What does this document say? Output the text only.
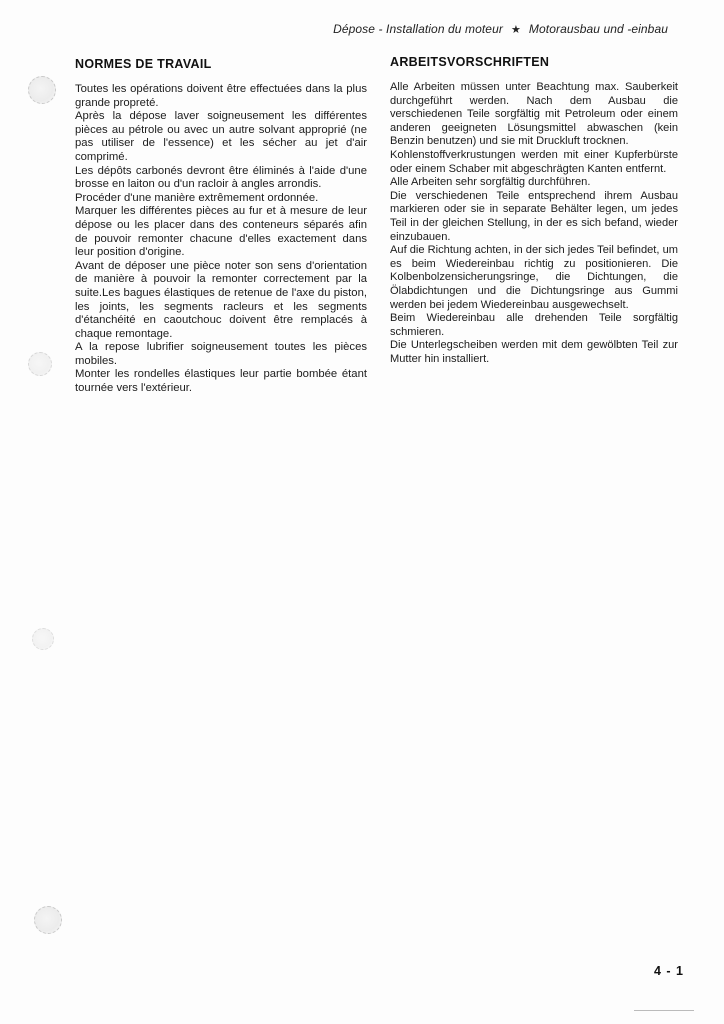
Dépose - Installation du moteur ★ Motorausbau und -einbau
NORMES DE TRAVAIL

Toutes les opérations doivent être effectuées dans la plus grande propreté.

Après la dépose laver soigneusement les différentes pièces au pétrole ou avec un autre solvant approprié (ne pas utiliser de l'essence) et les sécher au jet d'air comprimé.

Les dépôts carbonés devront être éliminés à l'aide d'une brosse en laiton ou d'un racloir à angles arrondis.

Procéder d'une manière extrêmement ordonnée.

Marquer les différentes pièces au fur et à mesure de leur dépose ou les placer dans des conteneurs séparés afin de pouvoir remonter chacune d'elles exactement dans leur position d'origine.

Avant de déposer une pièce noter son sens d'orientation de manière à pouvoir la remonter correctement par la suite.Les bagues élastiques de retenue de l'axe du piston, les joints, les segments racleurs et les segments d'étanchéité en caoutchouc doivent être remplacés à chaque remontage.

A la repose lubrifier soigneusement toutes les pièces mobiles.

Monter les rondelles élastiques leur partie bombée étant tournée vers l'extérieur.

ARBEITSVORSCHRIFTEN

Alle Arbeiten müssen unter Beachtung max. Sauberkeit durchgeführt werden. Nach dem Ausbau die verschiedenen Teile sorgfältig mit Petroleum oder einem anderen geeigneten Lösungsmittel abwaschen (kein Benzin benutzen) und sie mit Druckluft trocknen.

Kohlenstoffverkrustungen werden mit einer Kupferbürste oder einem Schaber mit abgeschrägten Kanten entfernt.

Alle Arbeiten sehr sorgfältig durchführen.

Die verschiedenen Teile entsprechend ihrem Ausbau markieren oder sie in separate Behälter legen, um jedes Teil in der gleichen Stellung, in der es sich befand, wieder einzubauen.

Auf die Richtung achten, in der sich jedes Teil befindet, um es beim Wiedereinbau richtig zu positionieren. Die Kolbenbolzensicherungsringe, die Dichtungen, die Ölabdichtungen und die Dichtungsringe aus Gummi werden bei jedem Wiedereinbau ausgewechselt.

Beim Wiedereinbau alle drehenden Teile sorgfältig schmieren.

Die Unterlegscheiben werden mit dem gewölbten Teil zur Mutter hin installiert.

4 - 1
